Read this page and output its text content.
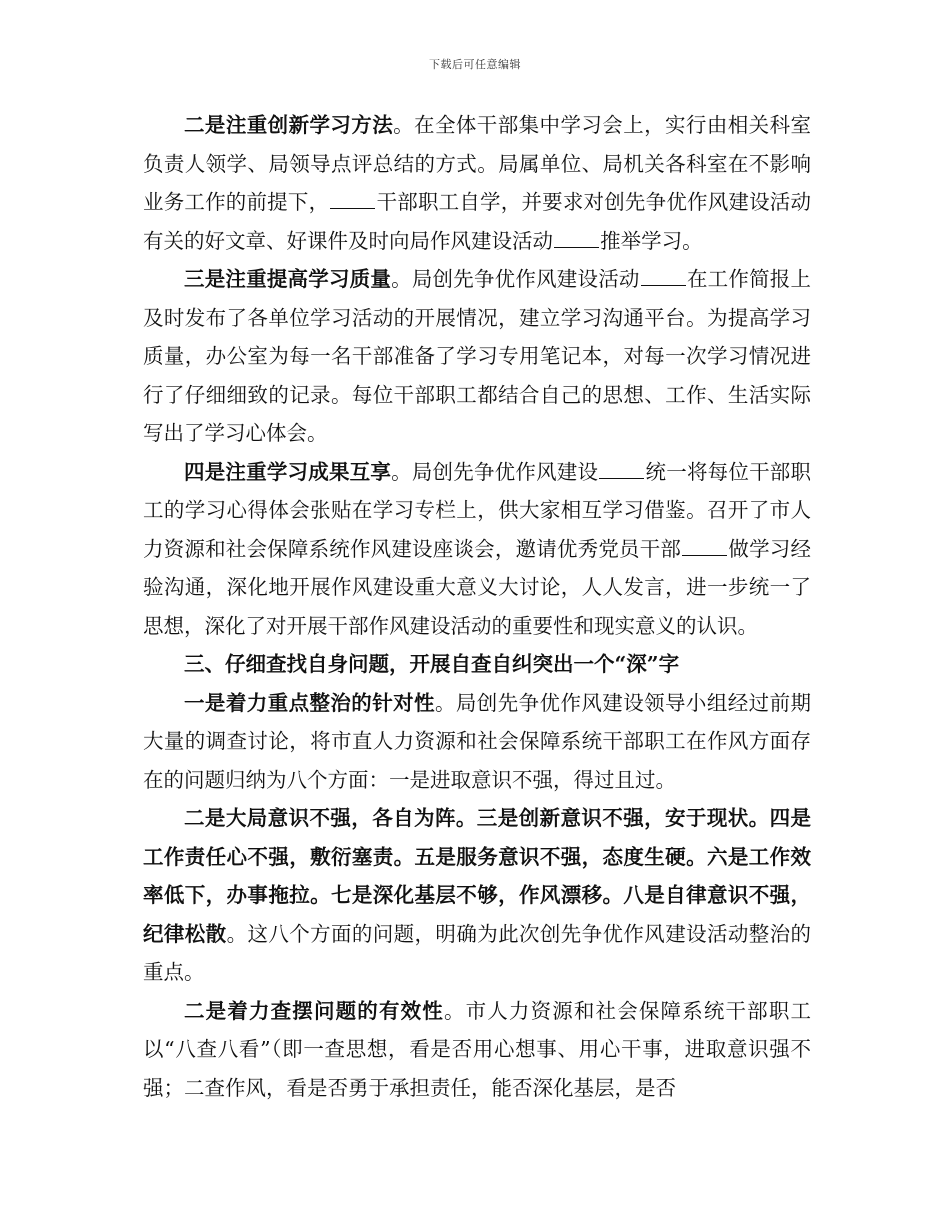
下载后可任意编辑

二是注重创新学习方法。在全体干部集中学习会上，实行由相关科室负责人领学、局领导点评总结的方式。局属单位、局机关各科室在不影响业务工作的前提下， 干部职工自学，并要求对创先争优作风建设活动有关的好文章、好课件及时向局作风建设活动 推举学习。

三是注重提高学习质量。局创先争优作风建设活动 在工作简报上及时发布了各单位学习活动的开展情况，建立学习沟通平台。为提高学习质量，办公室为每一名干部准备了学习专用笔记本，对每一次学习情况进行了仔细细致的记录。每位干部职工都结合自己的思想、工作、生活实际写出了学习心体会。

四是注重学习成果互享。局创先争优作风建设 统一将每位干部职工的学习心得体会张贴在学习专栏上，供大家相互学习借鉴。召开了市人力资源和社会保障系统作风建设座谈会，邀请优秀党员干部 做学习经验沟通，深化地开展作风建设重大意义大讨论，人人发言，进一步统一了思想，深化了对开展干部作风建设活动的重要性和现实意义的认识。

三、仔细查找自身问题，开展自查自纠突出一个“深”字

一是着力重点整治的针对性。局创先争优作风建设领导小组经过前期大量的调查讨论，将市直人力资源和社会保障系统干部职工在作风方面存在的问题归纳为八个方面：一是进取意识不强，得过且过。

二是大局意识不强，各自为阵。三是创新意识不强，安于现状。四是工作责任心不强，敷衍塞责。五是服务意识不强，态度生硬。六是工作效率低下，办事拖拉。七是深化基层不够，作风漂移。八是自律意识不强，纪律松散。这八个方面的问题，明确为此次创先争优作风建设活动整治的重点。

二是着力查摆问题的有效性。市人力资源和社会保障系统干部职工以“八查八看”（即一查思想，看是否用心想事、用心干事，进取意识强不强；二查作风，看是否勇于承担责任，能否深化基层，是否
